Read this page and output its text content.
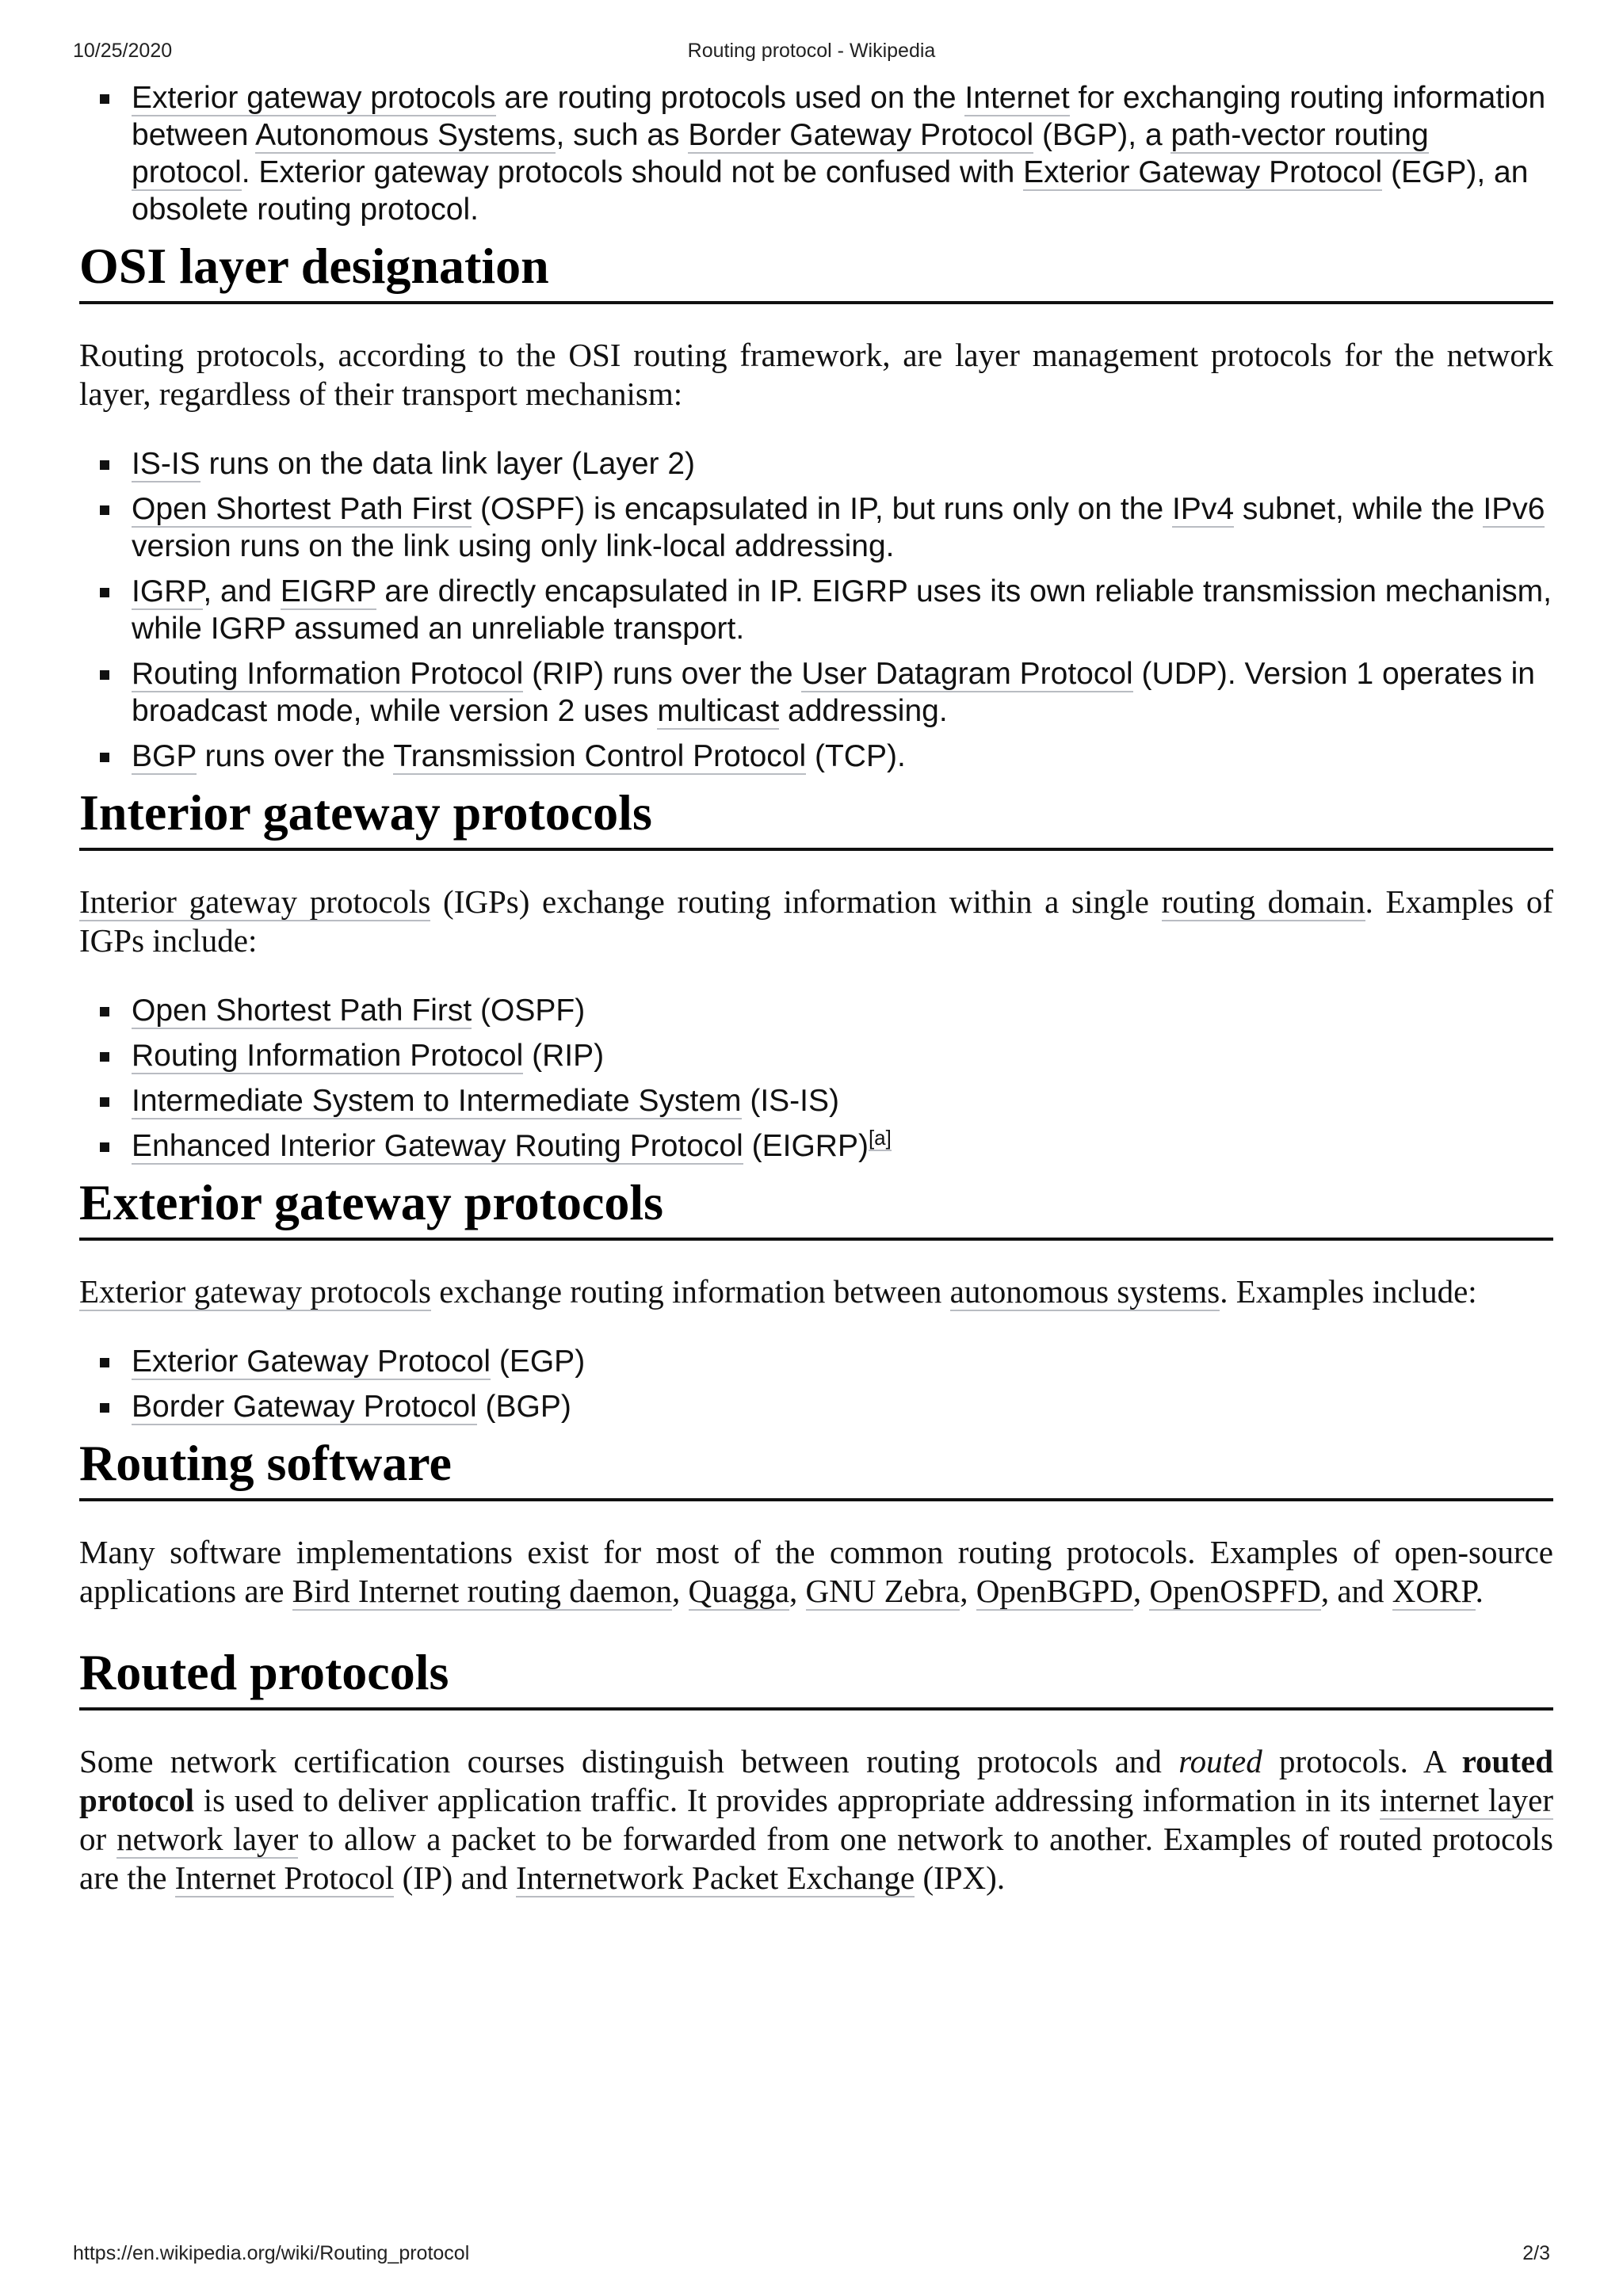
10/25/2020	Routing protocol - Wikipedia
Exterior gateway protocols are routing protocols used on the Internet for exchanging routing information between Autonomous Systems, such as Border Gateway Protocol (BGP), a path-vector routing protocol. Exterior gateway protocols should not be confused with Exterior Gateway Protocol (EGP), an obsolete routing protocol.
OSI layer designation

Routing protocols, according to the OSI routing framework, are layer management protocols for the network layer, regardless of their transport mechanism:

IS-IS runs on the data link layer (Layer 2)
Open Shortest Path First (OSPF) is encapsulated in IP, but runs only on the IPv4 subnet, while the IPv6 version runs on the link using only link-local addressing.
IGRP, and EIGRP are directly encapsulated in IP. EIGRP uses its own reliable transmission mechanism, while IGRP assumed an unreliable transport.
Routing Information Protocol (RIP) runs over the User Datagram Protocol (UDP). Version 1 operates in broadcast mode, while version 2 uses multicast addressing.
BGP runs over the Transmission Control Protocol (TCP).
Interior gateway protocols

Interior gateway protocols (IGPs) exchange routing information within a single routing domain. Examples of IGPs include:

Open Shortest Path First (OSPF)
Routing Information Protocol (RIP)
Intermediate System to Intermediate System (IS-IS)
Enhanced Interior Gateway Routing Protocol (EIGRP)[a]
Exterior gateway protocols

Exterior gateway protocols exchange routing information between autonomous systems. Examples include:

Exterior Gateway Protocol (EGP)
Border Gateway Protocol (BGP)
Routing software

Many software implementations exist for most of the common routing protocols. Examples of open-source applications are Bird Internet routing daemon, Quagga, GNU Zebra, OpenBGPD, OpenOSPFD, and XORP.

Routed protocols

Some network certification courses distinguish between routing protocols and routed protocols. A routed protocol is used to deliver application traffic. It provides appropriate addressing information in its internet layer or network layer to allow a packet to be forwarded from one network to another. Examples of routed protocols are the Internet Protocol (IP) and Internetwork Packet Exchange (IPX).

https://en.wikipedia.org/wiki/Routing_protocol	2/3
